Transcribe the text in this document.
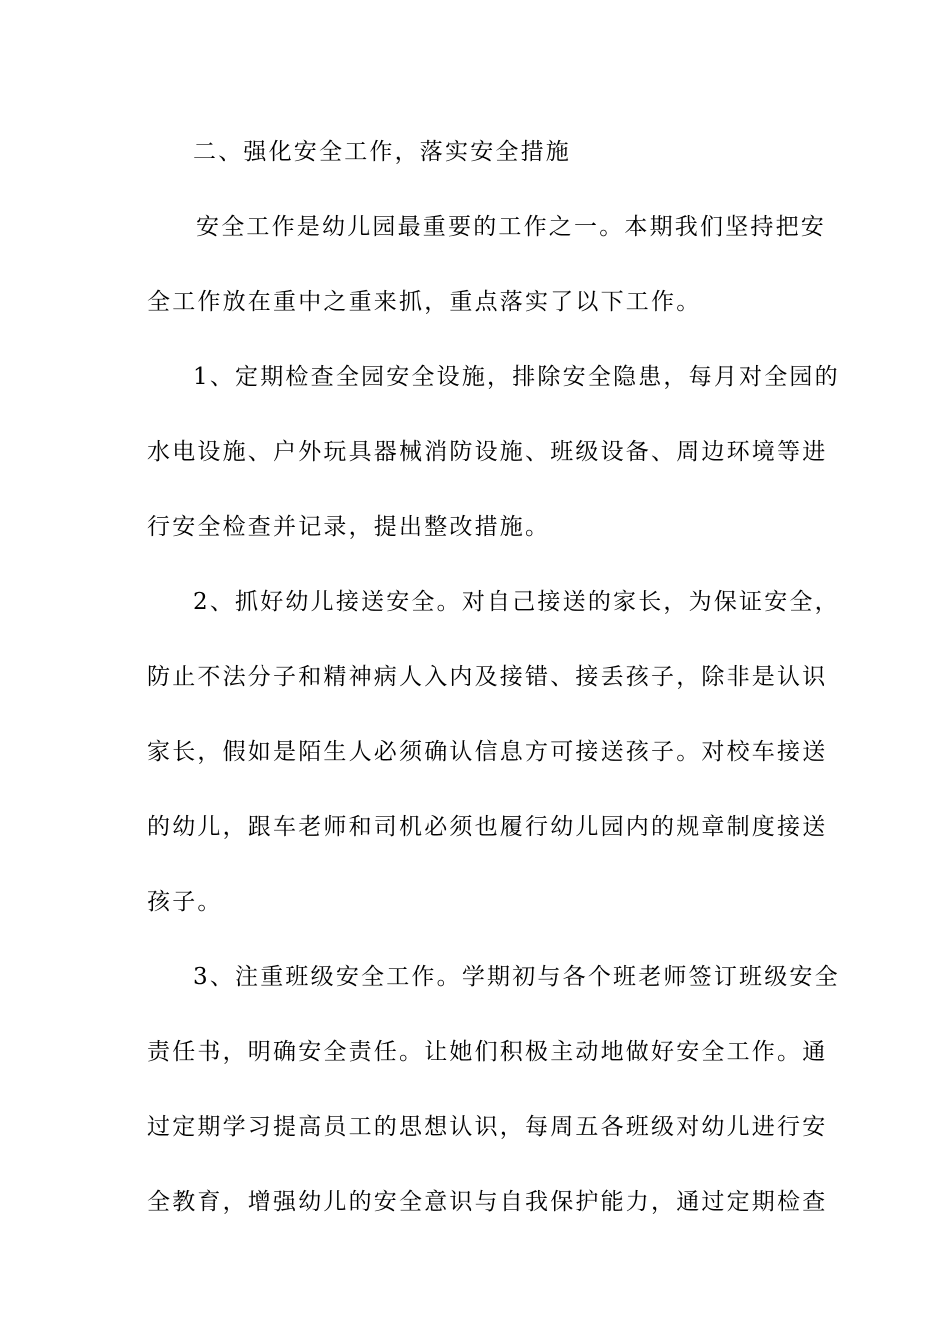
二、强化安全工作，落实安全措施
安全工作是幼儿园最重要的工作之一。本期我们坚持把安
全工作放在重中之重来抓，重点落实了以下工作。
1、定期检查全园安全设施，排除安全隐患，每月对全园的
水电设施、户外玩具器械消防设施、班级设备、周边环境等进
行安全检查并记录，提出整改措施。
2、抓好幼儿接送安全。对自己接送的家长，为保证安全，
防止不法分子和精神病人入内及接错、接丢孩子，除非是认识
家长，假如是陌生人必须确认信息方可接送孩子。对校车接送
的幼儿，跟车老师和司机必须也履行幼儿园内的规章制度接送
孩子。
3、注重班级安全工作。学期初与各个班老师签订班级安全
责任书，明确安全责任。让她们积极主动地做好安全工作。通
过定期学习提高员工的思想认识，每周五各班级对幼儿进行安
全教育，增强幼儿的安全意识与自我保护能力，通过定期检查
